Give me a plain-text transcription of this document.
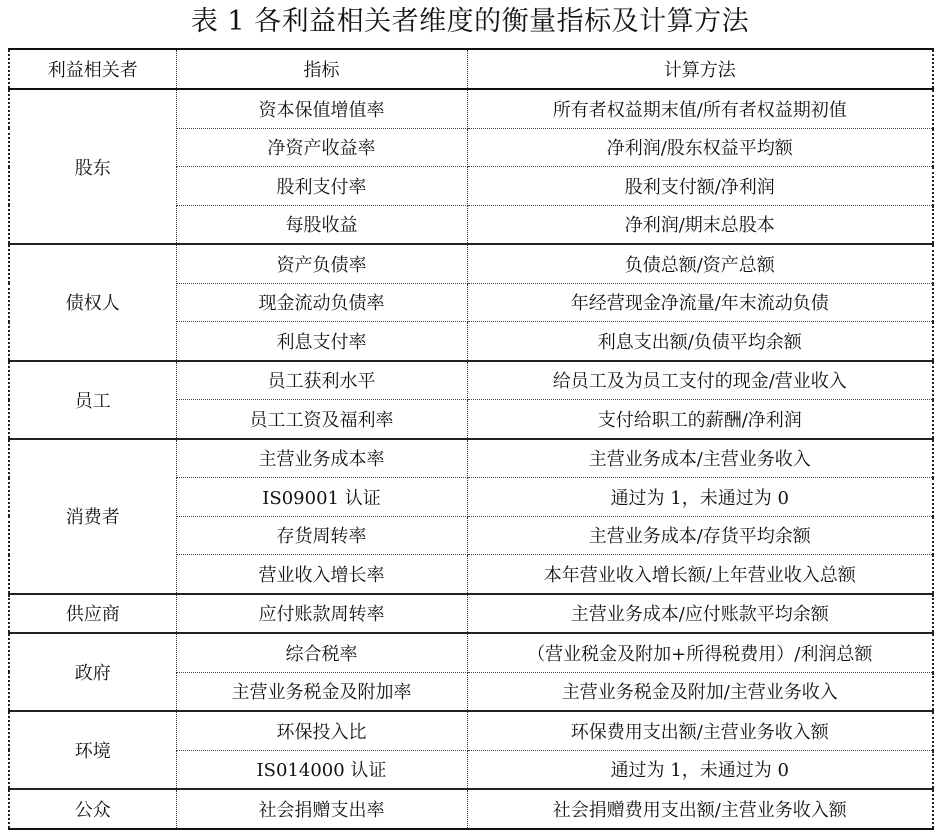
表 1 各利益相关者维度的衡量指标及计算方法
利益相关者	指标	计算方法
股东	资本保值增值率	所有者权益期末值/所有者权益期初值
	净资产收益率	净利润/股东权益平均额
	股利支付率	股利支付额/净利润
	每股收益	净利润/期末总股本
债权人	资产负债率	负债总额/资产总额
	现金流动负债率	年经营现金净流量/年末流动负债
	利息支付率	利息支出额/负债平均余额
员工	员工获利水平	给员工及为员工支付的现金/营业收入
	员工工资及福利率	支付给职工的薪酬/净利润
消费者	主营业务成本率	主营业务成本/主营业务收入
	IS09001 认证	通过为 1，未通过为 0
	存货周转率	主营业务成本/存货平均余额
	营业收入增长率	本年营业收入增长额/上年营业收入总额
供应商	应付账款周转率	主营业务成本/应付账款平均余额
政府	综合税率	（营业税金及附加+所得税费用）/利润总额
	主营业务税金及附加率	主营业务税金及附加/主营业务收入
环境	环保投入比	环保费用支出额/主营业务收入额
	IS014000 认证	通过为 1，未通过为 0
公众	社会捐赠支出率	社会捐赠费用支出额/主营业务收入额
